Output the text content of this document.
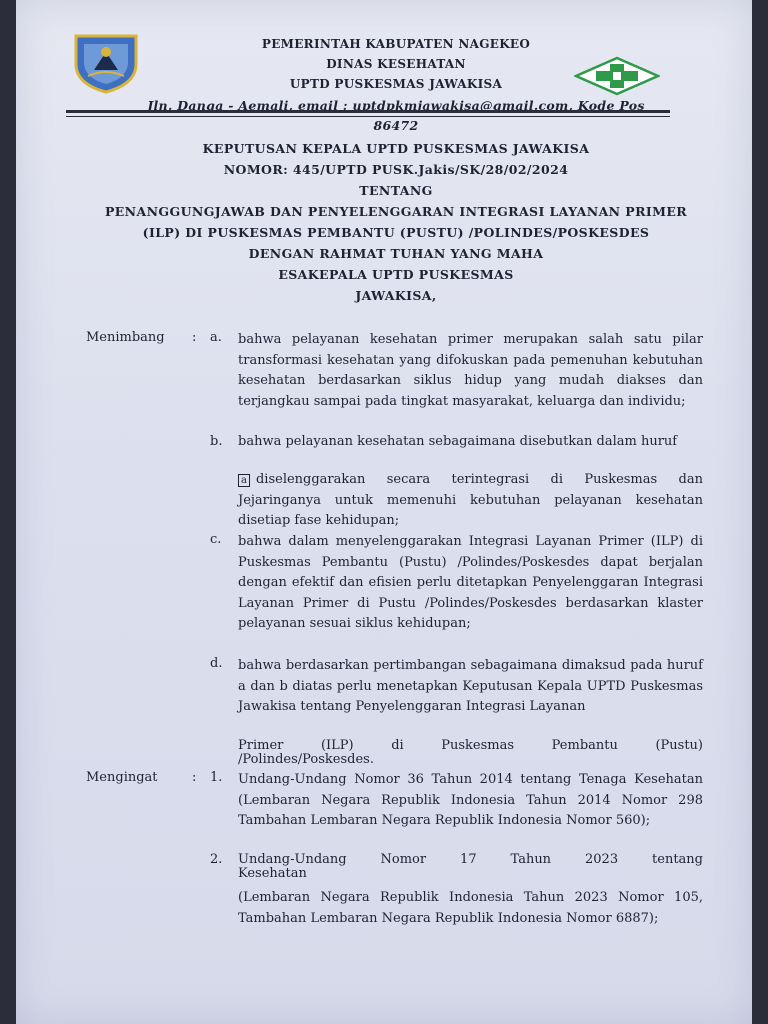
PEMERINTAH KABUPATEN NAGEKEO
DINAS KESEHATAN
UPTD PUSKESMAS JAWAKISA
Jln. Danga - Aemali, email : uptdpkmjawakisa@gmail.com, Kode Pos 86472
KEPUTUSAN KEPALA UPTD PUSKESMAS JAWAKISA
NOMOR: 445/UPTD PUSK.Jakis/SK/28/02/2024
TENTANG
PENANGGUNGJAWAB DAN PENYELENGGARAN INTEGRASI LAYANAN PRIMER
(ILP) DI PUSKESMAS PEMBANTU (PUSTU) /POLINDES/POSKESDES
DENGAN RAHMAT TUHAN YANG MAHA
ESAKEPALA UPTD PUSKESMAS
JAWAKISA,
Menimbang : a. bahwa pelayanan kesehatan primer merupakan salah satu pilar transformasi kesehatan yang difokuskan pada pemenuhan kebutuhan kesehatan berdasarkan siklus hidup yang mudah diakses dan terjangkau sampai pada tingkat masyarakat, keluarga dan individu;
b. bahwa pelayanan kesehatan sebagaimana disebutkan dalam huruf
a diselenggarakan secara terintegrasi di Puskesmas dan Jejaringanya untuk memenuhi kebutuhan pelayanan kesehatan disetiap fase kehidupan;
c. bahwa dalam menyelenggarakan Integrasi Layanan Primer (ILP) di Puskesmas Pembantu (Pustu) /Polindes/Poskesdes dapat berjalan dengan efektif dan efisien perlu ditetapkan Penyelenggaran Integrasi Layanan Primer di Pustu /Polindes/Poskesdes berdasarkan klaster pelayanan sesuai siklus kehidupan;
d. bahwa berdasarkan pertimbangan sebagaimana dimaksud pada huruf a dan b diatas perlu menetapkan Keputusan Kepala UPTD Puskesmas Jawakisa tentang Penyelenggaran Integrasi Layanan
Primer (ILP) di Puskesmas Pembantu (Pustu)
/Polindes/Poskesdes.
Mengingat	: 1. Undang-Undang Nomor 36 Tahun 2014 tentang Tenaga Kesehatan (Lembaran Negara Republik Indonesia Tahun 2014 Nomor 298 Tambahan Lembaran Negara Republik Indonesia Nomor 560);
2. Undang-Undang Nomor 17 Tahun 2023 tentang
Kesehatan
(Lembaran Negara Republik Indonesia Tahun 2023 Nomor 105, Tambahan Lembaran Negara Republik Indonesia Nomor 6887);
